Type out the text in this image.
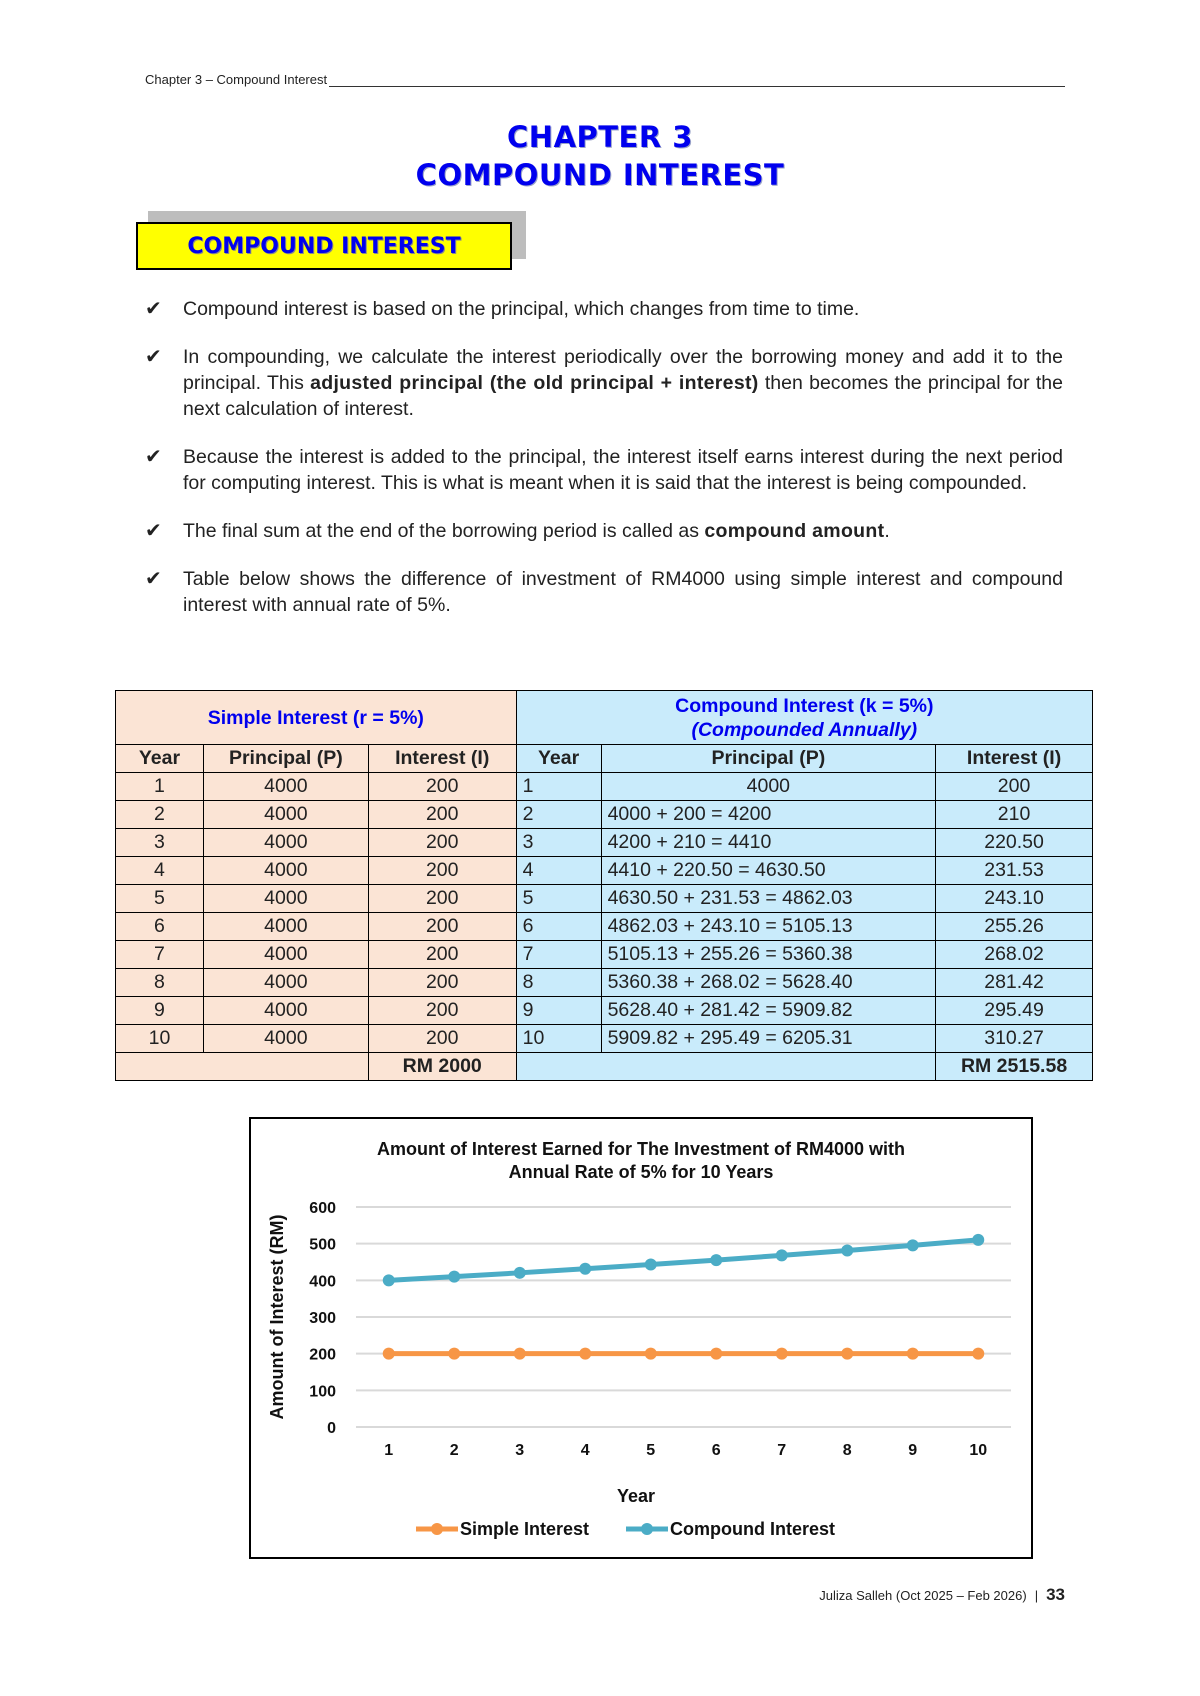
Chapter 3 – Compound Interest
CHAPTER 3
COMPOUND INTEREST
COMPOUND INTEREST
✔	Compound interest is based on the principal, which changes from time to time.
✔	In compounding, we calculate the interest periodically over the borrowing money and add it to the principal. This adjusted principal (the old principal + interest) then becomes the principal for the next calculation of interest.
✔	Because the interest is added to the principal, the interest itself earns interest during the next period for computing interest. This is what is meant when it is said that the interest is being compounded.
✔	The final sum at the end of the borrowing period is called as compound amount.
✔	Table below shows the difference of investment of RM4000 using simple interest and compound interest with annual rate of 5%.
Simple Interest (r = 5%)			Compound Interest (k = 5%)
(Compounded Annually)		

Year	Principal (P)	Interest (I)	Year	Principal (P)	Interest (I)
1	4000	200	1	4000	200
2	4000	200	2	4000 + 200 = 4200	210
3	4000	200	3	4200 + 210 = 4410	220.50
4	4000	200	4	4410 + 220.50 = 4630.50	231.53
5	4000	200	5	4630.50 + 231.53 = 4862.03	243.10
6	4000	200	6	4862.03 + 243.10 = 5105.13	255.26
7	4000	200	7	5105.13 + 255.26 = 5360.38	268.02
8	4000	200	8	5360.38 + 268.02 = 5628.40	281.42
9	4000	200	9	5628.40 + 281.42 = 5909.82	295.49
10	4000	200	10	5909.82 + 295.49 = 6205.31	310.27
		RM 2000			RM 2515.58
Amount of Interest Earned for The Investment of RM4000 with
Annual Rate of 5% for 10 Years
0
100
200
300
400
500
600
1	2	3	4	5	6	7	8	9	10
Year
Amount of Interest (RM)
Simple Interest	Compound Interest
Juliza Salleh (Oct 2025 – Feb 2026) | 33
